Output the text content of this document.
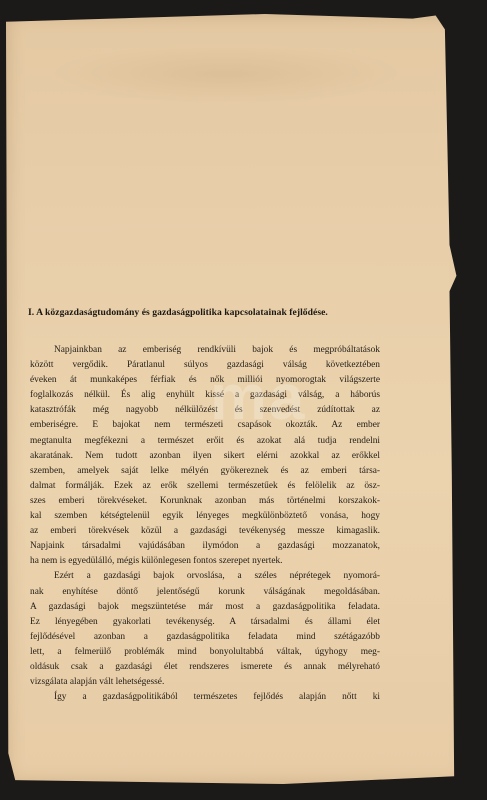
I. A közgazdaságtudomány és gazdaságpolitika kapcsolatainak fejlődése.
Napjainkban az emberiség rendkívüli bajok és megpróbáltatások
között vergődik. Páratlanul súlyos gazdasági válság következtében
éveken át munkaképes férfiak és nők milliói nyomorogtak világszerte
foglalkozás nélkül. És alig enyhült kissé a gazdasági válság, a háborús
katasztrófák még nagyobb nélkülözést és szenvedést zúdítottak az
emberiségre. E bajokat nem természeti csapások okozták. Az ember
megtanulta megfékezni a természet erőit és azokat alá tudja rendelni
akaratának. Nem tudott azonban ilyen sikert elérni azokkal az erőkkel
szemben, amelyek saját lelke mélyén gyökereznek és az emberi társa-
dalmat formálják. Ezek az erők szellemi természetűek és felölelik az ösz-
szes emberi törekvéseket. Korunknak azonban más történelmi korszakok-
kal szemben kétségtelenül egyik lényeges megkülönböztető vonása, hogy
az emberi törekvések közül a gazdasági tevékenység messze kimagaslik.
Napjaink társadalmi vajúdásában ilymódon a gazdasági mozzanatok,
ha nem is egyedülálló, mégis különlegesen fontos szerepet nyertek.
Ezért a gazdasági bajok orvoslása, a széles néprétegek nyomorá-
nak enyhítése döntő jelentőségű korunk válságának megoldásában.
A gazdasági bajok megszüntetése már most a gazdaságpolitika feladata.
Ez lényegében gyakorlati tevékenység. A társadalmi és állami élet
fejlődésével azonban a gazdaságpolitika feladata mind szétágazóbb
lett, a felmerülő problémák mind bonyolultabbá váltak, úgyhogy meg-
oldásuk csak a gazdasági élet rendszeres ismerete és annak mélyreható
vizsgálata alapján vált lehetségessé.
Így a gazdaságpolitikából természetes fejlődés alapján nőtt ki
ma
